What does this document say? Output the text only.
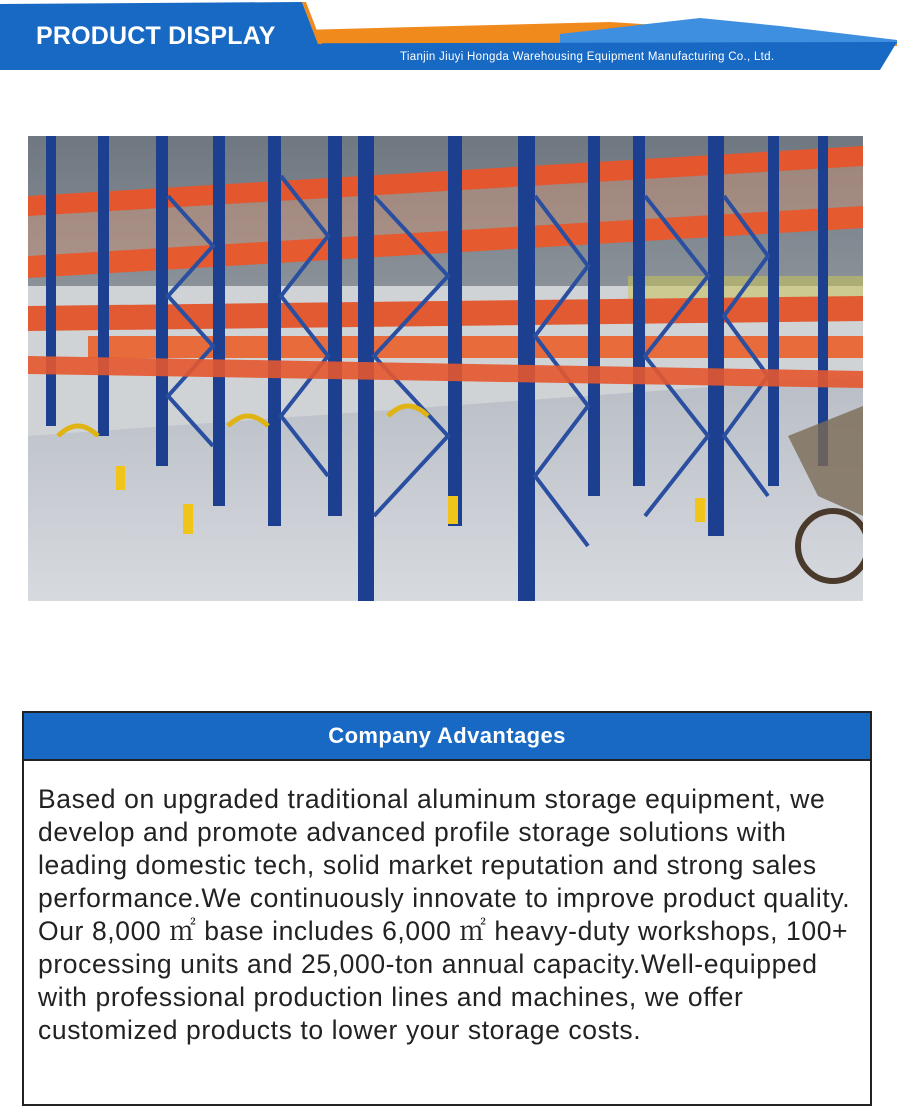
PRODUCT DISPLAY
Tianjin Jiuyi Hongda Warehousing Equipment Manufacturing Co., Ltd.
Company Advantages
Based on upgraded traditional aluminum storage equipment, we develop and promote advanced profile storage solutions with leading domestic tech, solid market reputation and strong sales performance.We continuously innovate to improve product quality. Our 8,000 ㎡ base includes 6,000 ㎡ heavy-duty workshops, 100+ processing units and 25,000-ton annual capacity.Well-equipped with professional production lines and machines, we offer customized products to lower your storage costs.
